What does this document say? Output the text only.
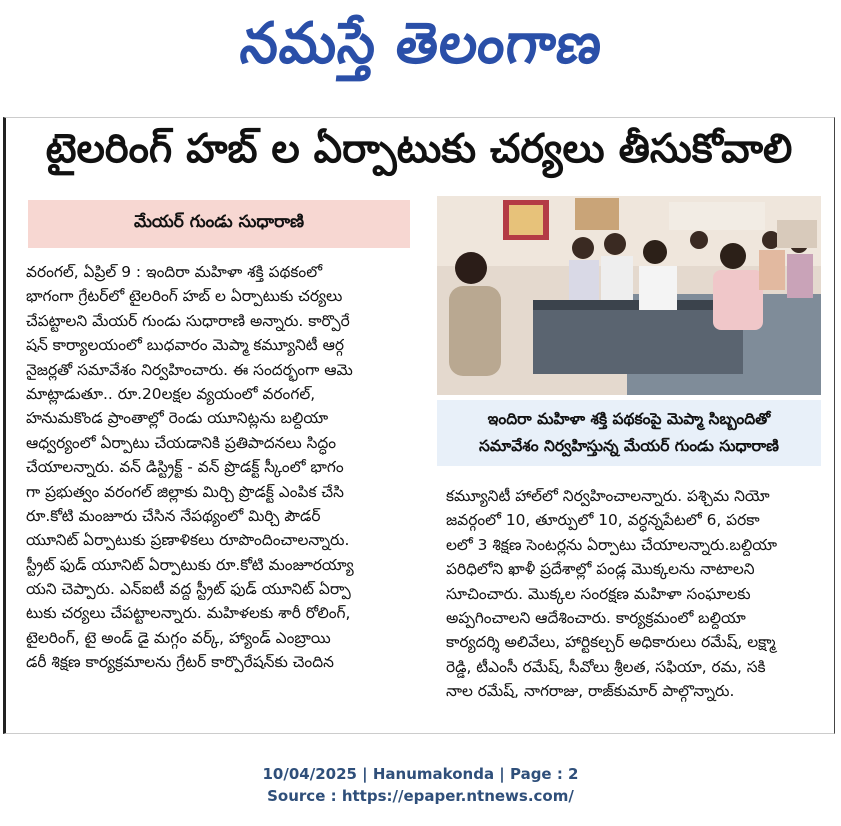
నమస్తే తెలంగాణ
టైలరింగ్ హబ్ ల ఏర్పాటుకు చర్యలు తీసుకోవాలి
మేయర్ గుండు సుధారాణి
వరంగల్, ఏప్రిల్ 9 : ఇందిరా మహిళా శక్తి పథకంలో
భాగంగా గ్రేటర్‌లో టైలరింగ్ హబ్ ల ఏర్పాటుకు చర్యలు
చేపట్టాలని మేయర్ గుండు సుధారాణి అన్నారు. కార్పొరే
షన్ కార్యాలయంలో బుధవారం మెప్మా కమ్యూనిటీ ఆర్గ
నైజర్లతో సమావేశం నిర్వహించారు. ఈ సందర్భంగా ఆమె
మాట్లాడుతూ.. రూ.20లక్షల వ్యయంలో వరంగల్,
హనుమకొండ ప్రాంతాల్లో రెండు యూనిట్లను బల్దియా
ఆధ్వర్యంలో ఏర్పాటు చేయడానికి ప్రతిపాదనలు సిద్ధం
చేయాలన్నారు. వన్ డిస్ట్రిక్ట్ - వన్ ప్రొడక్ట్ స్కీంలో భాగం
గా ప్రభుత్వం వరంగల్ జిల్లాకు మిర్చి ప్రొడక్ట్ ఎంపిక చేసి
రూ.కోటి మంజూరు చేసిన నేపథ్యంలో మిర్చి పౌడర్
యూనిట్ ఏర్పాటుకు ప్రణాళికలు రూపొందించాలన్నారు.
స్ట్రీట్ ఫుడ్ యూనిట్ ఏర్పాటుకు రూ.కోటి మంజూరయ్యా
యని చెప్పారు. ఎన్ఐటీ వద్ద స్ట్రీట్ ఫుడ్ యూనిట్ ఏర్పా
టుకు చర్యలు చేపట్టాలన్నారు. మహిళలకు శారీ రోలింగ్,
టైలరింగ్, టై అండ్ డై మగ్గం వర్క్, హ్యాండ్ ఎంబ్రాయి
డరీ శిక్షణ కార్యక్రమాలను గ్రేటర్ కార్పొరేషన్‌కు చెందిన
ఇందిరా మహిళా శక్తి పథకంపై మెప్మా సిబ్బందితో
సమావేశం నిర్వహిస్తున్న మేయర్ గుండు సుధారాణి
కమ్యూనిటీ హాల్‌లో నిర్వహించాలన్నారు. పశ్చిమ నియో
జవర్గంలో 10, తూర్పులో 10, వర్ధన్నపేటలో 6, పరకా
లలో 3 శిక్షణ సెంటర్లను ఏర్పాటు చేయాలన్నారు.బల్దియా
పరిధిలోని ఖాళీ ప్రదేశాల్లో పండ్ల మొక్కలను నాటాలని
సూచించారు. మొక్కల సంరక్షణ మహిళా సంఘాలకు
అప్పగించాలని ఆదేశించారు. కార్యక్రమంలో బల్దియా
కార్యదర్శి అలివేలు, హార్టికల్చర్ అధికారులు రమేష్, లక్ష్మా
రెడ్డి, టీఎంసీ రమేష్, సీవోలు శ్రీలత, సఫియా, రమ, సకి
నాల రమేష్, నాగరాజు, రాజ్‌కుమార్ పాల్గొన్నారు.
10/04/2025 | Hanumakonda | Page : 2
Source : https://epaper.ntnews.com/
